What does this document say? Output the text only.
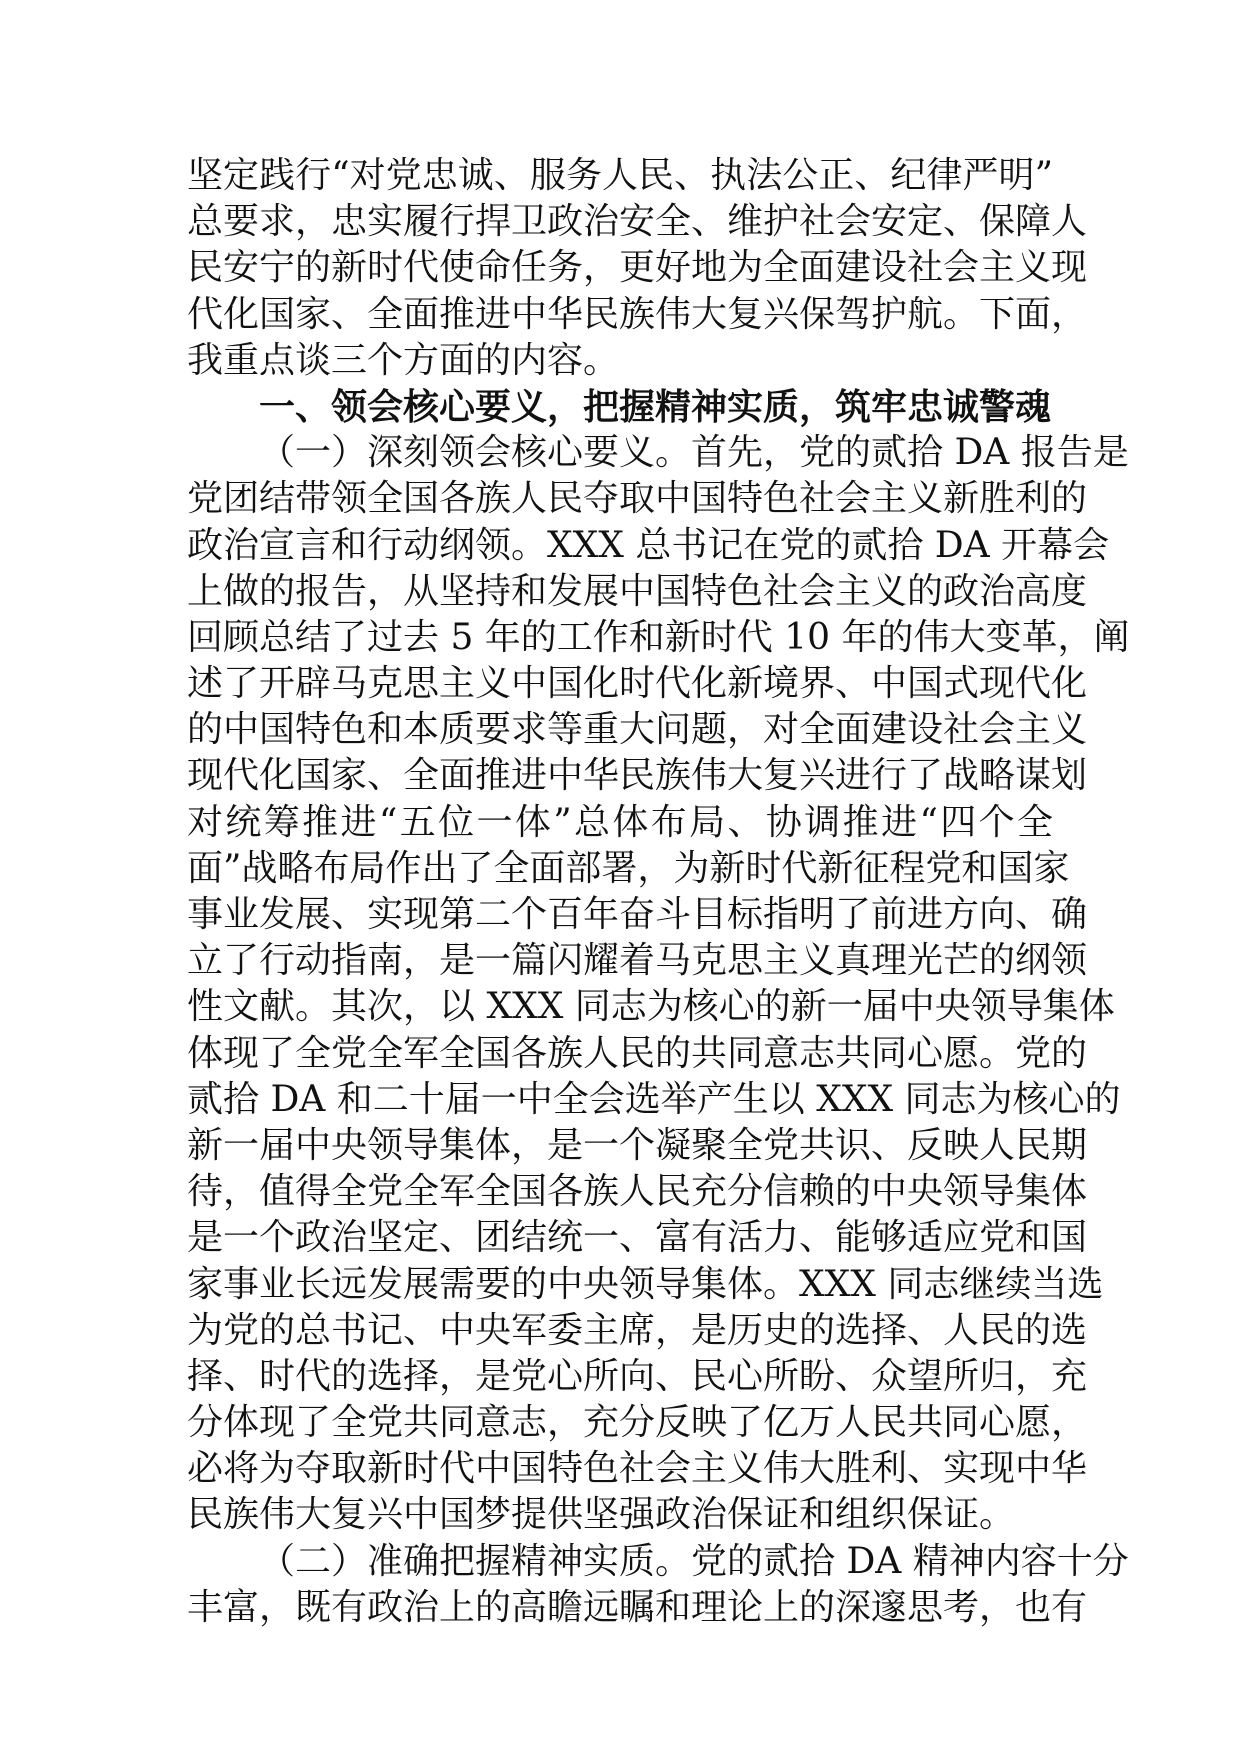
坚定践行“对党忠诚、服务人民、执法公正、纪律严明”
总要求，忠实履行捍卫政治安全、维护社会安定、保障人
民安宁的新时代使命任务，更好地为全面建设社会主义现
代化国家、全面推进中华民族伟大复兴保驾护航。下面，
我重点谈三个方面的内容。
一、领会核心要义，把握精神实质，筑牢忠诚警魂
（一）深刻领会核心要义。首先，党的贰拾 DA 报告是
党团结带领全国各族人民夺取中国特色社会主义新胜利的
政治宣言和行动纲领。XXX 总书记在党的贰拾 DA 开幕会
上做的报告，从坚持和发展中国特色社会主义的政治高度
回顾总结了过去 5 年的工作和新时代 10 年的伟大变革，阐
述了开辟马克思主义中国化时代化新境界、中国式现代化
的中国特色和本质要求等重大问题，对全面建设社会主义
现代化国家、全面推进中华民族伟大复兴进行了战略谋划
对统筹推进“五位一体”总体布局、协调推进“四个全
面”战略布局作出了全面部署，为新时代新征程党和国家
事业发展、实现第二个百年奋斗目标指明了前进方向、确
立了行动指南，是一篇闪耀着马克思主义真理光芒的纲领
性文献。其次，以 XXX 同志为核心的新一届中央领导集体
体现了全党全军全国各族人民的共同意志共同心愿。党的
贰拾 DA 和二十届一中全会选举产生以 XXX 同志为核心的
新一届中央领导集体，是一个凝聚全党共识、反映人民期
待，值得全党全军全国各族人民充分信赖的中央领导集体
是一个政治坚定、团结统一、富有活力、能够适应党和国
家事业长远发展需要的中央领导集体。XXX 同志继续当选
为党的总书记、中央军委主席，是历史的选择、人民的选
择、时代的选择，是党心所向、民心所盼、众望所归，充
分体现了全党共同意志，充分反映了亿万人民共同心愿，
必将为夺取新时代中国特色社会主义伟大胜利、实现中华
民族伟大复兴中国梦提供坚强政治保证和组织保证。
（二）准确把握精神实质。党的贰拾 DA 精神内容十分
丰富，既有政治上的高瞻远瞩和理论上的深邃思考，也有
